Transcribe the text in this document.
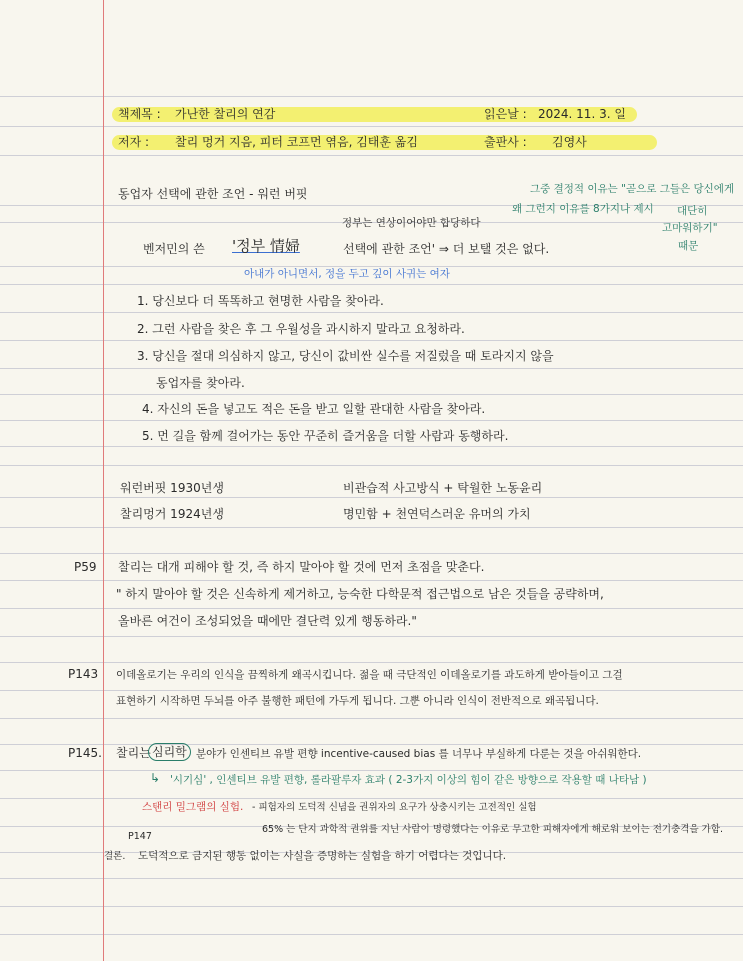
책제목 : 가난한 찰리의 연감	읽은날 : 2024. 11. 3. 일
저자 : 찰리 멍거 지음, 피터 코프먼 엮음, 김태훈 옮김	출판사 : 김영사
동업자 선택에 관한 조언 - 워런 버핏	그중 결정적 이유는 "곧으로 그들은 당신에게
왜 그런지 이유를 8가지나 제시 대단히
고마워하기"
때문
정부는 연상이어야만 합당하다
벤저민의 쓴 '정부 情婦	선택에 관한 조언' ⇒ 더 보탤 것은 없다.
아내가 아니면서, 정을 두고 깊이 사귀는 여자
1. 당신보다 더 똑똑하고 현명한 사람을 찾아라.
2. 그런 사람을 찾은 후 그 우월성을 과시하지 말라고 요청하라.
3. 당신을 절대 의심하지 않고, 당신이 값비싼 실수를 저질렀을 때 토라지지 않을
동업자를 찾아라.
4. 자신의 돈을 넣고도 적은 돈을 받고 일할 관대한 사람을 찾아라.
5. 먼 길을 함께 걸어가는 동안 꾸준히 즐거움을 더할 사람과 동행하라.
워런버핏 1930년생	비관습적 사고방식 + 탁월한 노동윤리
찰리멍거 1924년생	명민함 + 천연덕스러운 유머의 가치
P59 찰리는 대개 피해야 할 것, 즉 하지 말아야 할 것에 먼저 초점을 맞춘다.
" 하지 말아야 할 것은 신속하게 제거하고, 능숙한 다학문적 접근법으로 남은 것들을 공략하며,
올바른 여건이 조성되었을 때에만 결단력 있게 행동하라."
P143 이데올로기는 우리의 인식을 끔찍하게 왜곡시킵니다. 젊을 때 극단적인 이데올로기를 과도하게 받아들이고 그걸
표현하기 시작하면 두뇌를 아주 불행한 패턴에 가두게 됩니다. 그뿐 아니라 인식이 전반적으로 왜곡됩니다.
P145. 찰리는 심리학 분야가 인센티브 유발 편향 incentive-caused bias 를 너무나 부실하게 다룬는 것을 아쉬워한다.
↳ '시기심' , 인센티브 유발 편향, 롤라팔루자 효과 ( 2-3가지 이상의 힘이 같은 방향으로 작용할 때 나타남 )
스탠리 밀그램의 실험. - 피험자의 도덕적 신념을 권위자의 요구가 상충시키는 고전적인 실험
65% 는 단지 과학적 권위를 지닌 사람이 명령했다는 이유로 무고한 피해자에게 해로워 보이는 전기충격을 가함.
P147
결론. 도덕적으로 금지된 행동 없이는 사실을 증명하는 실험을 하기 어렵다는 것입니다.
